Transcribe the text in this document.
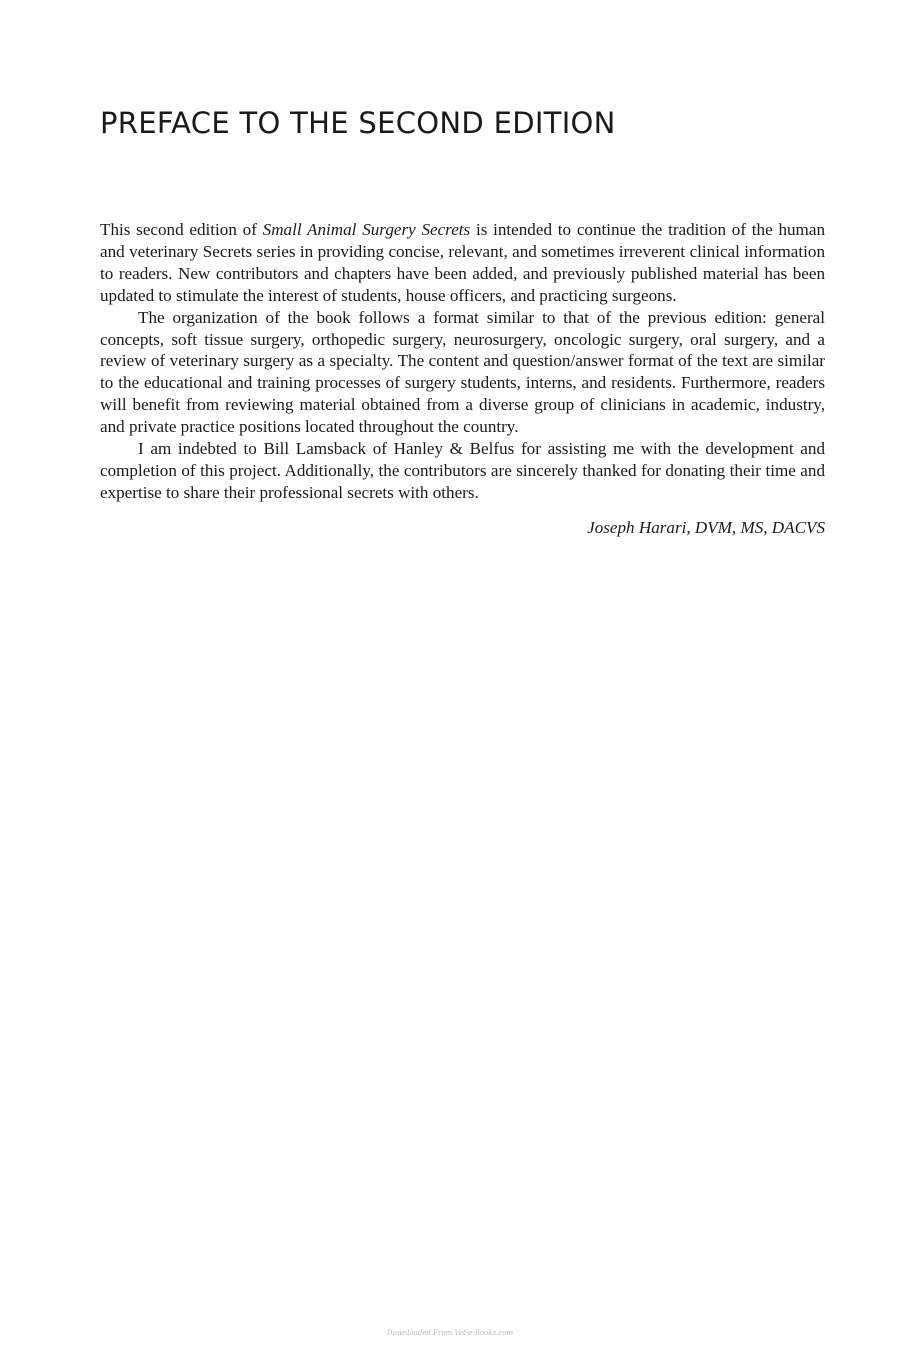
PREFACE TO THE SECOND EDITION

This second edition of Small Animal Surgery Secrets is intended to continue the tradition of the human and veterinary Secrets series in providing concise, relevant, and sometimes irreverent clinical information to readers. New contributors and chapters have been added, and previously published material has been updated to stimulate the interest of students, house officers, and practicing surgeons.

The organization of the book follows a format similar to that of the previous edition: general concepts, soft tissue surgery, orthopedic surgery, neurosurgery, oncologic surgery, oral surgery, and a review of veterinary surgery as a specialty. The content and question/answer format of the text are similar to the educational and training processes of surgery students, interns, and residents. Furthermore, readers will benefit from reviewing material obtained from a diverse group of clinicians in academic, industry, and private practice positions located throughout the country.

I am indebted to Bill Lamsback of Hanley & Belfus for assisting me with the development and completion of this project. Additionally, the contributors are sincerely thanked for donating their time and expertise to share their professional secrets with others.

Joseph Harari, DVM, MS, DACVS

Downloaded From Vet-e-Books.com
